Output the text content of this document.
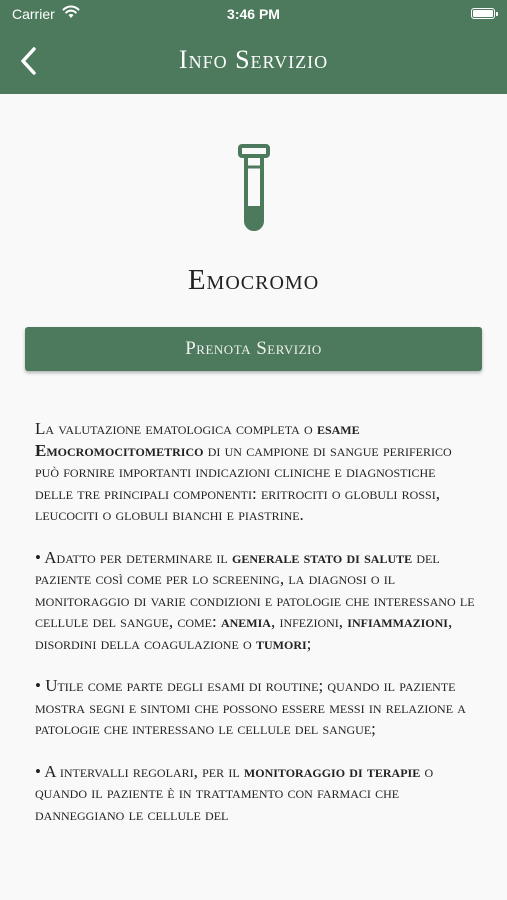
Carrier	3:46 PM
Info Servizio
Emocromo
Prenota Servizio

La valutazione ematologica completa o esame Emocromocitometrico di un campione di sangue periferico può fornire importanti indicazioni cliniche e diagnostiche delle tre principali componenti: eritrociti o globuli rossi, leucociti o globuli bianchi e piastrine.

• Adatto per determinare il generale stato di salute del paziente così come per lo screening, la diagnosi o il monitoraggio di varie condizioni e patologie che interessano le cellule del sangue, come: anemia, infezioni, infiammazioni, disordini della coagulazione o tumori;

• Utile come parte degli esami di routine; quando il paziente mostra segni e sintomi che possono essere messi in relazione a patologie che interessano le cellule del sangue;

• A intervalli regolari, per il monitoraggio di terapie o quando il paziente è in trattamento con farmaci che danneggiano le cellule del
